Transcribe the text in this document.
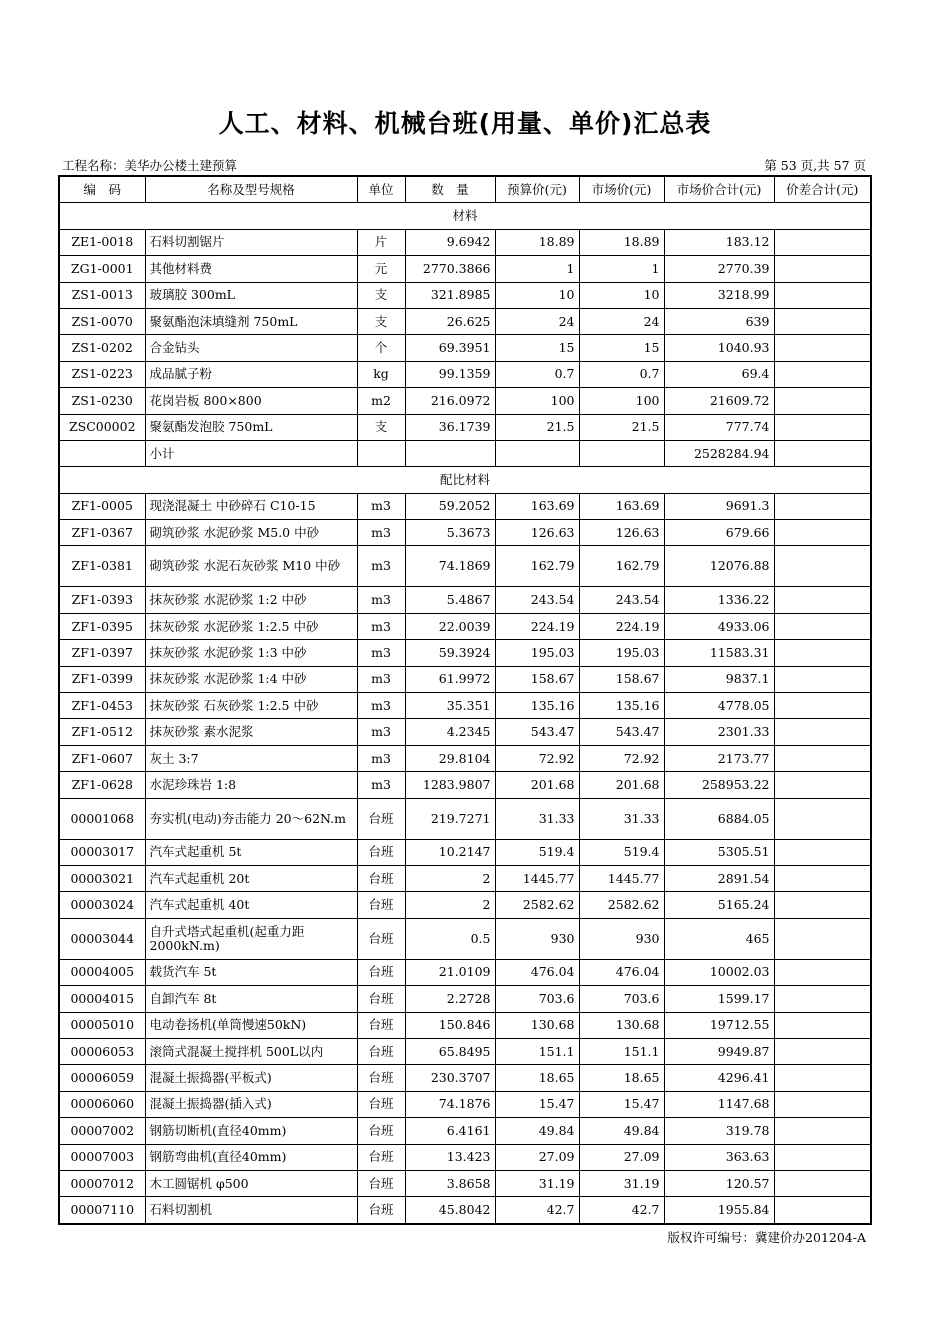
人工、材料、机械台班(用量、单价)汇总表
工程名称：美华办公楼土建预算	第 53 页,共 57 页
编　码	名称及型号规格	单位	数　量	预算价(元)	市场价(元)	市场价合计(元)	价差合计(元)
材料							
ZE1-0018	石料切割锯片	片	9.6942	18.89	18.89	183.12	
ZG1-0001	其他材料费	元	2770.3866	1	1	2770.39	
ZS1-0013	玻璃胶 300mL	支	321.8985	10	10	3218.99	
ZS1-0070	聚氨酯泡沫填缝剂 750mL	支	26.625	24	24	639	
ZS1-0202	合金钻头	个	69.3951	15	15	1040.93	
ZS1-0223	成品腻子粉	kg	99.1359	0.7	0.7	69.4	
ZS1-0230	花岗岩板 800×800	m2	216.0972	100	100	21609.72	
ZSC00002	聚氨酯发泡胶 750mL	支	36.1739	21.5	21.5	777.74	
	小计					2528284.94	
配比材料							
ZF1-0005	现浇混凝土 中砂碎石 C10-15	m3	59.2052	163.69	163.69	9691.3	
ZF1-0367	砌筑砂浆 水泥砂浆 M5.0 中砂	m3	5.3673	126.63	126.63	679.66	
ZF1-0381	砌筑砂浆 水泥石灰砂浆 M10 中砂	m3	74.1869	162.79	162.79	12076.88	
ZF1-0393	抹灰砂浆 水泥砂浆 1:2 中砂	m3	5.4867	243.54	243.54	1336.22	
ZF1-0395	抹灰砂浆 水泥砂浆 1:2.5 中砂	m3	22.0039	224.19	224.19	4933.06	
ZF1-0397	抹灰砂浆 水泥砂浆 1:3 中砂	m3	59.3924	195.03	195.03	11583.31	
ZF1-0399	抹灰砂浆 水泥砂浆 1:4 中砂	m3	61.9972	158.67	158.67	9837.1	
ZF1-0453	抹灰砂浆 石灰砂浆 1:2.5 中砂	m3	35.351	135.16	135.16	4778.05	
ZF1-0512	抹灰砂浆 素水泥浆	m3	4.2345	543.47	543.47	2301.33	
ZF1-0607	灰土 3:7	m3	29.8104	72.92	72.92	2173.77	
ZF1-0628	水泥珍珠岩 1:8	m3	1283.9807	201.68	201.68	258953.22	
00001068	夯实机(电动)夯击能力 20～62N.m	台班	219.7271	31.33	31.33	6884.05	
00003017	汽车式起重机 5t	台班	10.2147	519.4	519.4	5305.51	
00003021	汽车式起重机 20t	台班	2	1445.77	1445.77	2891.54	
00003024	汽车式起重机 40t	台班	2	2582.62	2582.62	5165.24	
00003044	自升式塔式起重机(起重力距2000kN.m)	台班	0.5	930	930	465	
00004005	载货汽车 5t	台班	21.0109	476.04	476.04	10002.03	
00004015	自卸汽车 8t	台班	2.2728	703.6	703.6	1599.17	
00005010	电动卷扬机(单筒慢速50kN)	台班	150.846	130.68	130.68	19712.55	
00006053	滚筒式混凝土搅拌机 500L以内	台班	65.8495	151.1	151.1	9949.87	
00006059	混凝土振捣器(平板式)	台班	230.3707	18.65	18.65	4296.41	
00006060	混凝土振捣器(插入式)	台班	74.1876	15.47	15.47	1147.68	
00007002	钢筋切断机(直径40mm)	台班	6.4161	49.84	49.84	319.78	
00007003	钢筋弯曲机(直径40mm)	台班	13.423	27.09	27.09	363.63	
00007012	木工圆锯机 φ500	台班	3.8658	31.19	31.19	120.57	
00007110	石料切割机	台班	45.8042	42.7	42.7	1955.84	
版权许可编号：冀建价办201204-A
